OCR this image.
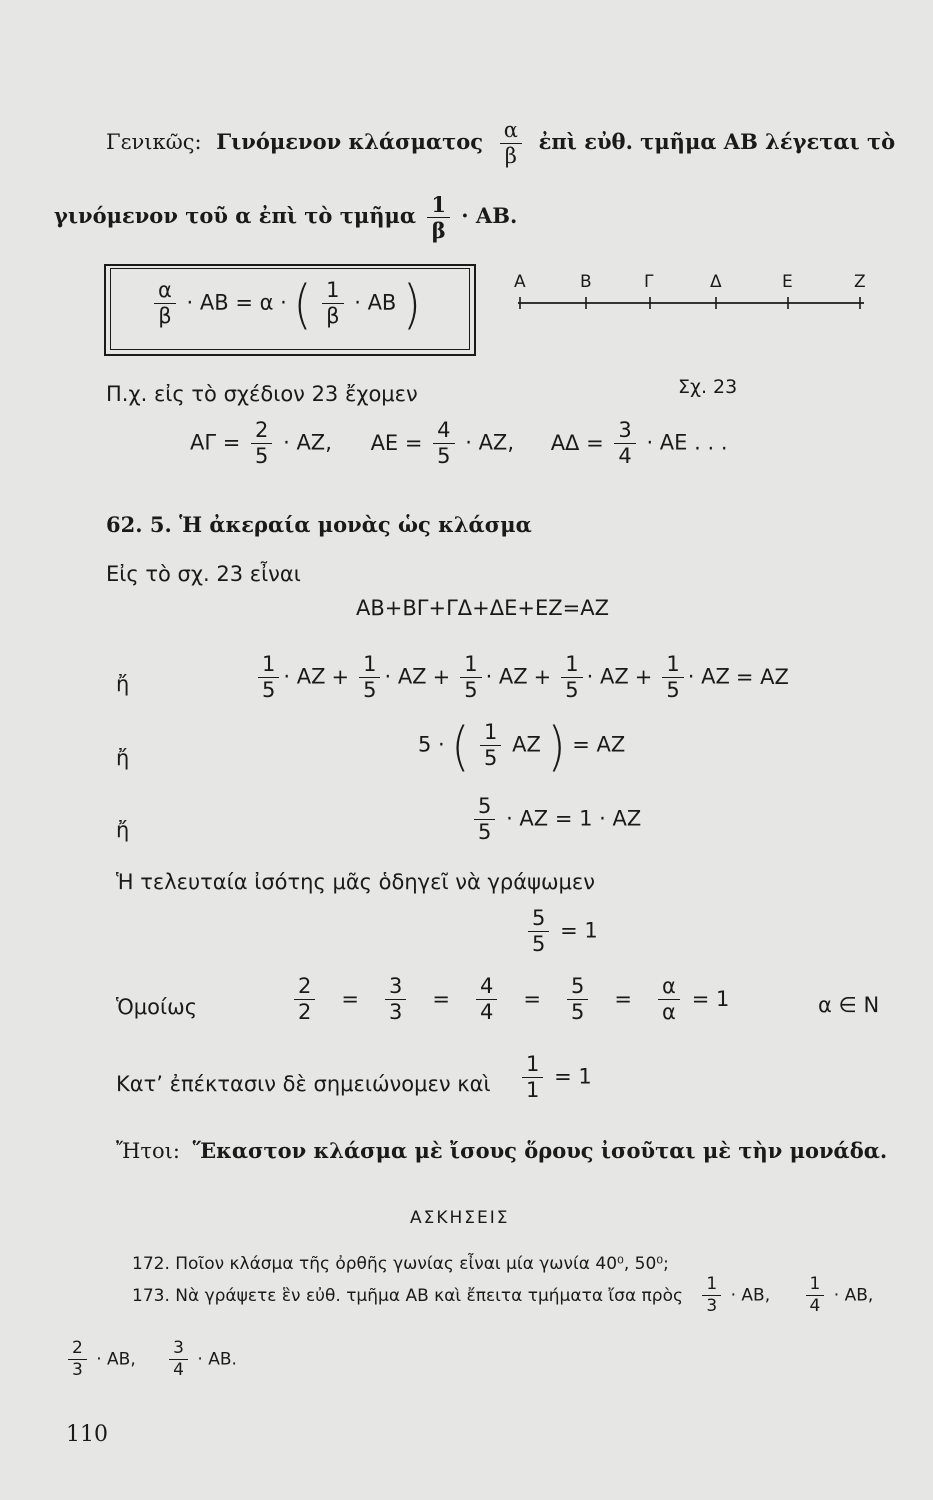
Γενικῶς: Γινόμενον κλάσματος $\frac{\alpha}{\beta}$ ἐπὶ εὐθ. τμῆμα ΑΒ λέγεται τὸ
γινόμενον τοῦ α ἐπὶ τὸ τμῆμα $\frac{1}{\beta} \cdot AB$.
$\frac{\alpha}{\beta} \cdot AB = \alpha$ · ( $\frac{1}{\beta} \cdot AB$ )	Α	Β	Γ	Δ	Ε	Ζ
Σχ. 23
Π.χ. εἰς τὸ σχέδιον 23 ἔχομεν
$A\Gamma = \frac{2}{5} \cdot AZ$, $AE = \frac{4}{5} \cdot AZ$, $A\Delta = \frac{3}{4} \cdot AE$ . . .
62. 5. Ἡ ἀκεραία μονὰς ὡς κλάσμα
Εἰς τὸ σχ. 23 εἶναι
ΑΒ+ΒΓ+ΓΔ+ΔΕ+ΕΖ=ΑΖ
ἤ	$\frac{1}{5} \cdot AZ + \frac{1}{5} \cdot AZ + \frac{1}{5} \cdot AZ + \frac{1}{5} \cdot AZ + \frac{1}{5} \cdot AZ = AZ$
ἤ
5 · ( $\frac{1}{5}$ ΑΖ ) = ΑΖ
ἤ	$\frac{5}{5} \cdot AZ = 1 \cdot AZ$
Ἡ τελευταία ἰσότης μᾶς ὁδηγεῖ νὰ γράψωμεν
$\frac{5}{5} = 1$
Ὁμοίως	$\frac{2}{2} = \frac{3}{3} = \frac{4}{4} = \frac{5}{5} = \frac{\alpha}{\alpha} = 1$	α ∈ Ν
Κατ’ ἐπέκτασιν δὲ σημειώνομεν καὶ $\frac{1}{1} = 1$
Ἤτοι: Ἕκαστον κλάσμα μὲ ἴσους ὅρους ἰσοῦται μὲ τὴν μονάδα.
ΑΣΚΗΣΕΙΣ
172. Ποῖον κλάσμα τῆς ὀρθῆς γωνίας εἶναι μία γωνία 40⁰, 50⁰;
173. Νὰ γράψετε ἓν εὐθ. τμῆμα ΑΒ καὶ ἔπειτα τμήματα ἴσα πρὸς $\frac{1}{3} \cdot AB$, $\frac{1}{4} \cdot AB$,
$\frac{2}{3} \cdot AB$, $\frac{3}{4} \cdot AB$.
110
